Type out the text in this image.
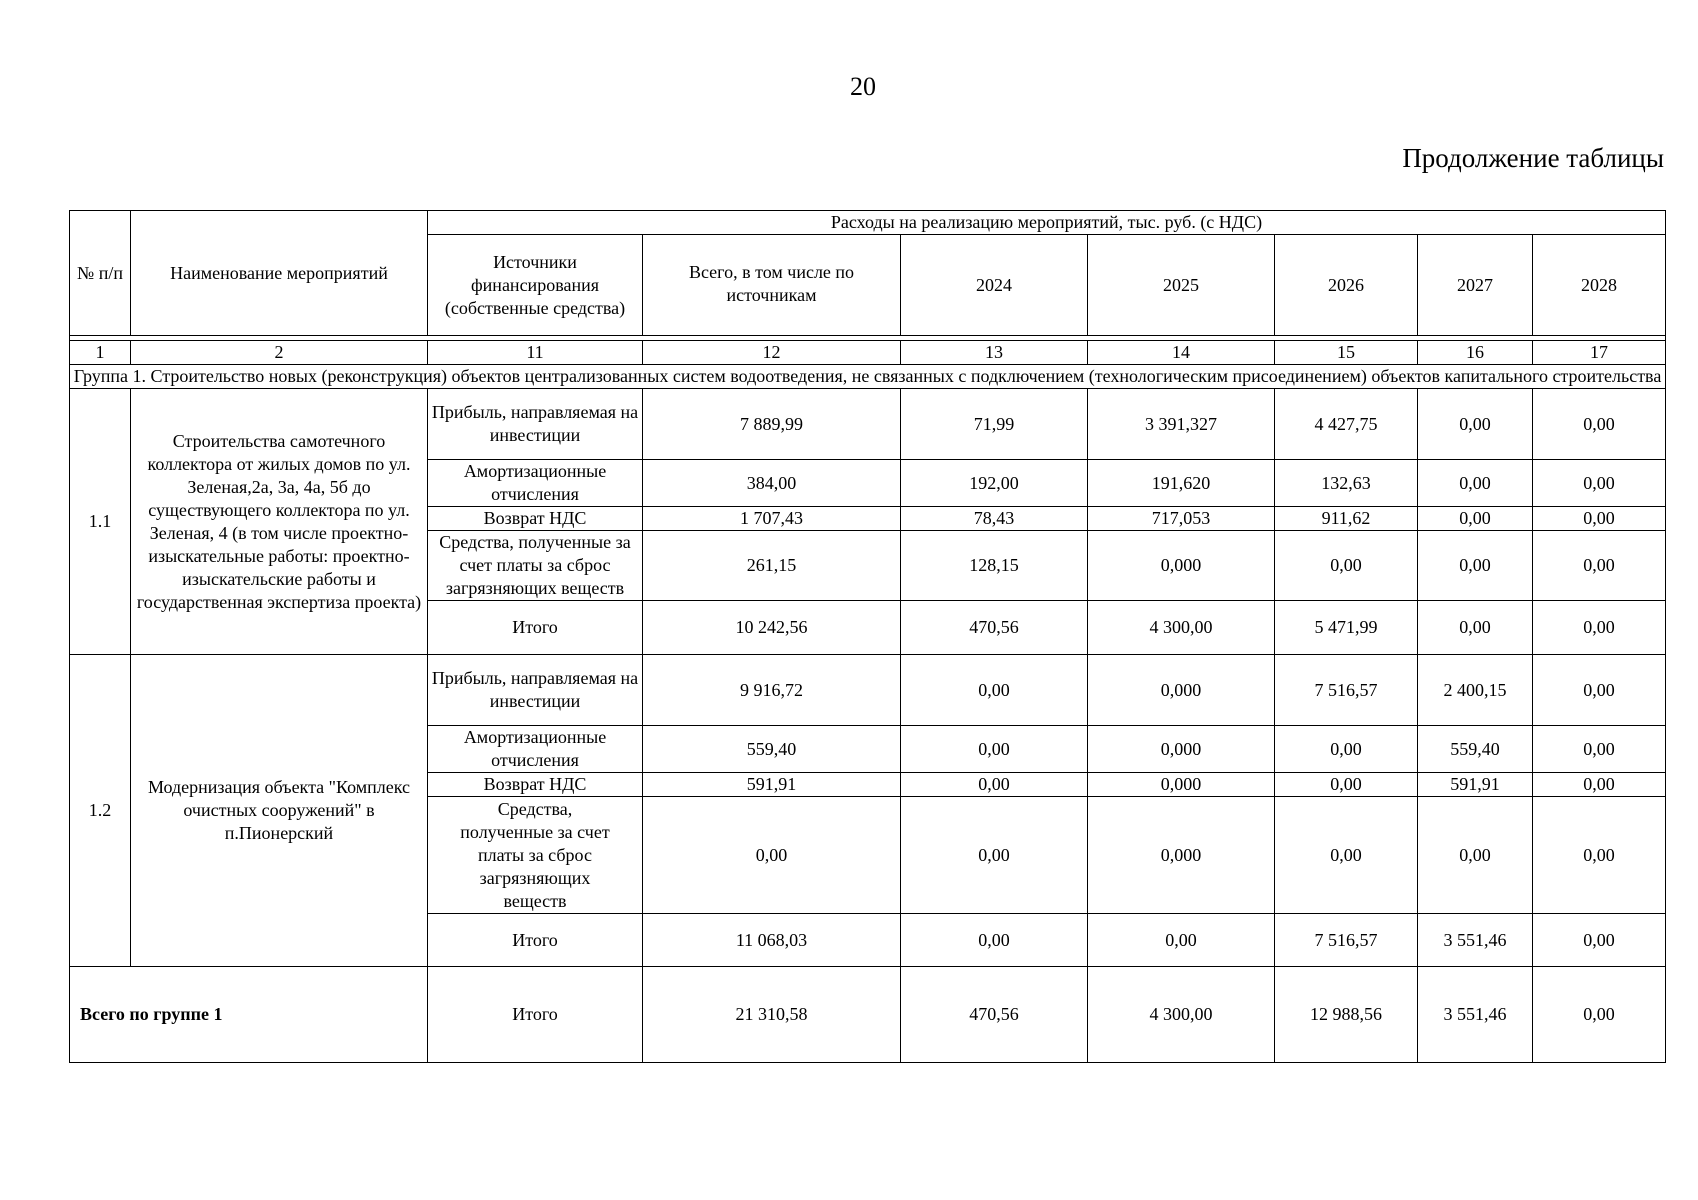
20
Продолжение таблицы
№ п/п	Наименование мероприятий	Расходы на реализацию мероприятий, тыс. руб. (с НДС)						
		Источники финансирования (собственные средства)	Всего, в том числе по источникам	2024	2025	2026	2027	2028

1	2	11	12	13	14	15	16	17
Группа 1. Строительство новых (реконструкция) объектов централизованных систем водоотведения, не связанных с подключением (технологическим присоединением) объектов капитального строительства								
1.1	Строительства самотечного коллектора от жилых домов по ул. Зеленая,2а, 3а, 4а, 5б до существующего коллектора по ул. Зеленая, 4 (в том числе проектно-изыскательные работы: проектно-изыскательские работы и государственная экспертиза проекта)	Прибыль, направляемая на инвестиции	7 889,99	71,99	3 391,327	4 427,75	0,00	0,00
		Амортизационные отчисления	384,00	192,00	191,620	132,63	0,00	0,00
		Возврат НДС	1 707,43	78,43	717,053	911,62	0,00	0,00
		Средства, полученные за счет платы за сброс загрязняющих веществ	261,15	128,15	0,000	0,00	0,00	0,00
		Итого	10 242,56	470,56	4 300,00	5 471,99	0,00	0,00
1.2	Модернизация объекта "Комплекс очистных сооружений" в п.Пионерский	Прибыль, направляемая на инвестиции	9 916,72	0,00	0,000	7 516,57	2 400,15	0,00
		Амортизационные отчисления	559,40	0,00	0,000	0,00	559,40	0,00
		Возврат НДС	591,91	0,00	0,000	0,00	591,91	0,00
		Средства, полученные за счет платы за сброс загрязняющих веществ	0,00	0,00	0,000	0,00	0,00	0,00
		Итого	11 068,03	0,00	0,00	7 516,57	3 551,46	0,00
Всего по группе 1		Итого	21 310,58	470,56	4 300,00	12 988,56	3 551,46	0,00
